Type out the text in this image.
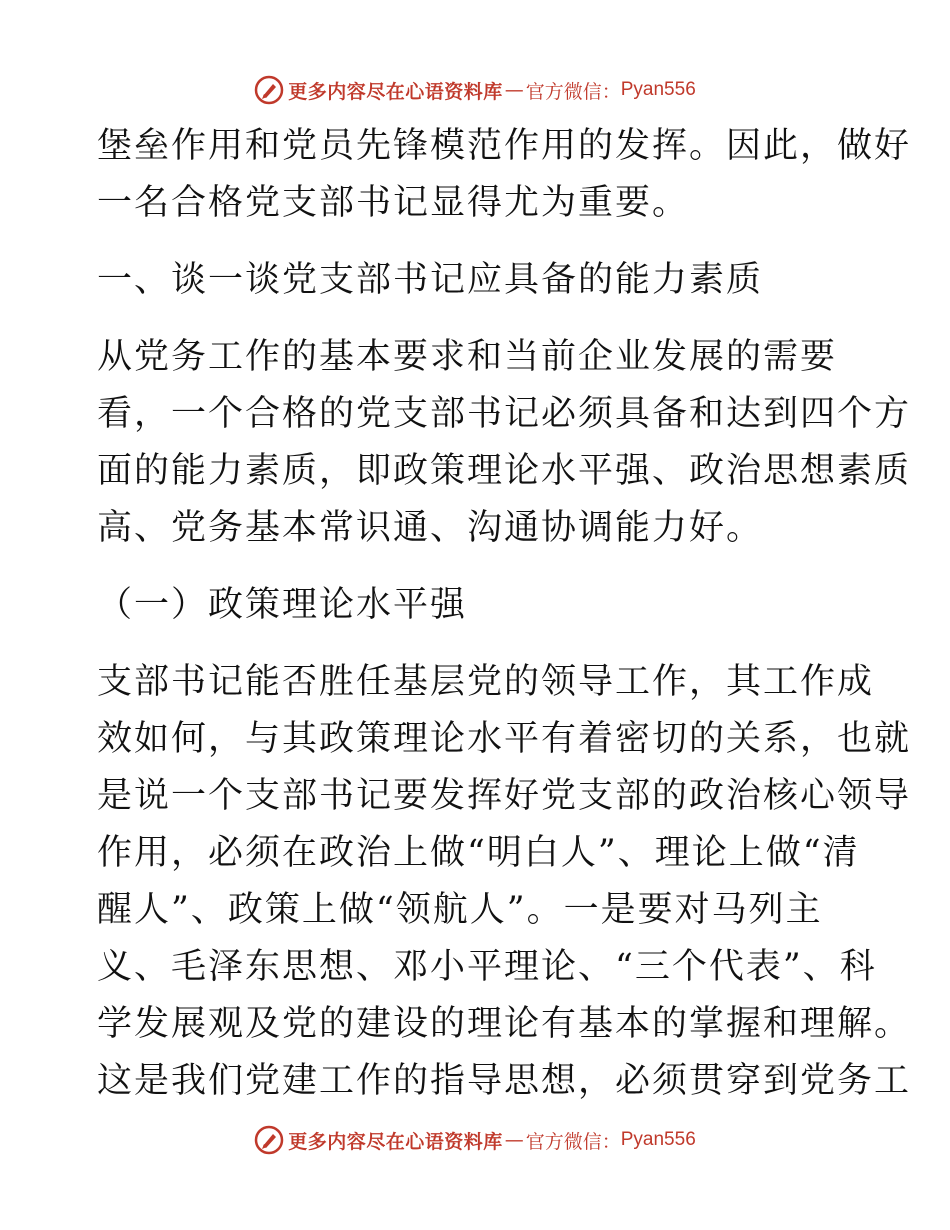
更多内容尽在心语资料库 — 官方微信： Pyan556
堡垒作用和党员先锋模范作用的发挥。因此，做好
一名合格党支部书记显得尤为重要。
一、谈一谈党支部书记应具备的能力素质
从党务工作的基本要求和当前企业发展的需要
看，一个合格的党支部书记必须具备和达到四个方
面的能力素质，即政策理论水平强、政治思想素质
高、党务基本常识通、沟通协调能力好。
（一）政策理论水平强
支部书记能否胜任基层党的领导工作，其工作成
效如何，与其政策理论水平有着密切的关系，也就
是说一个支部书记要发挥好党支部的政治核心领导
作用，必须在政治上做“明白人”、理论上做“清
醒人”、政策上做“领航人”。一是要对马列主
义、毛泽东思想、邓小平理论、“三个代表”、科
学发展观及党的建设的理论有基本的掌握和理解。
这是我们党建工作的指导思想，必须贯穿到党务工
更多内容尽在心语资料库 — 官方微信： Pyan556
